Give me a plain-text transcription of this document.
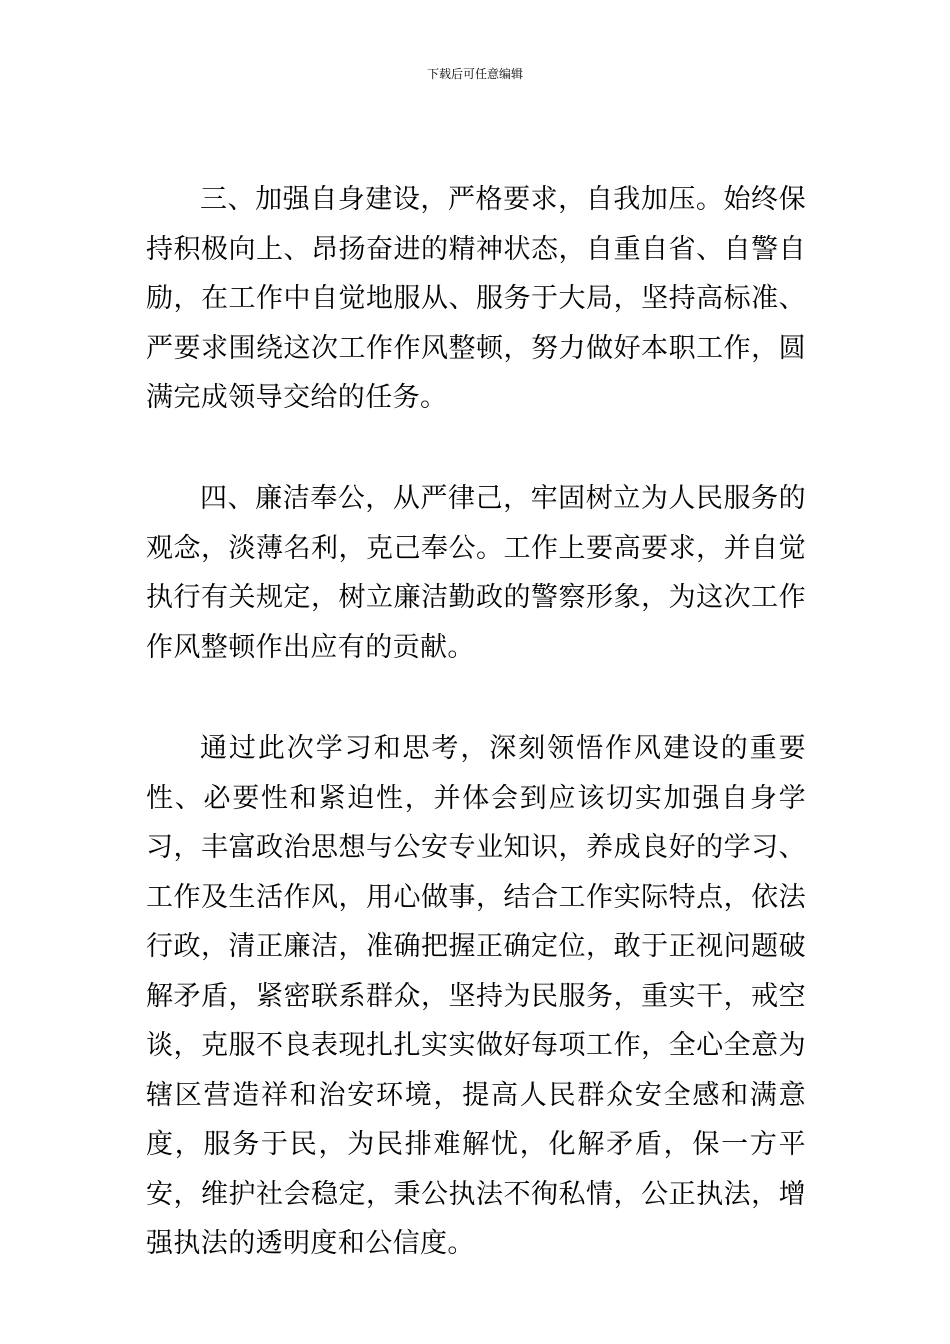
下载后可任意编辑

三、加强自身建设，严格要求，自我加压。始终保持积极向上、昂扬奋进的精神状态，自重自省、自警自励，在工作中自觉地服从、服务于大局，坚持高标准、严要求围绕这次工作作风整顿，努力做好本职工作，圆满完成领导交给的任务。

四、廉洁奉公，从严律己，牢固树立为人民服务的观念，淡薄名利，克己奉公。工作上要高要求，并自觉执行有关规定，树立廉洁勤政的警察形象，为这次工作作风整顿作出应有的贡献。

通过此次学习和思考，深刻领悟作风建设的重要性、必要性和紧迫性，并体会到应该切实加强自身学习，丰富政治思想与公安专业知识，养成良好的学习、工作及生活作风，用心做事，结合工作实际特点，依法行政，清正廉洁，准确把握正确定位，敢于正视问题破解矛盾，紧密联系群众，坚持为民服务，重实干，戒空谈，克服不良表现扎扎实实做好每项工作，全心全意为辖区营造祥和治安环境，提高人民群众安全感和满意度，服务于民，为民排难解忧，化解矛盾，保一方平安，维护社会稳定，秉公执法不徇私情，公正执法，增强执法的透明度和公信度。
